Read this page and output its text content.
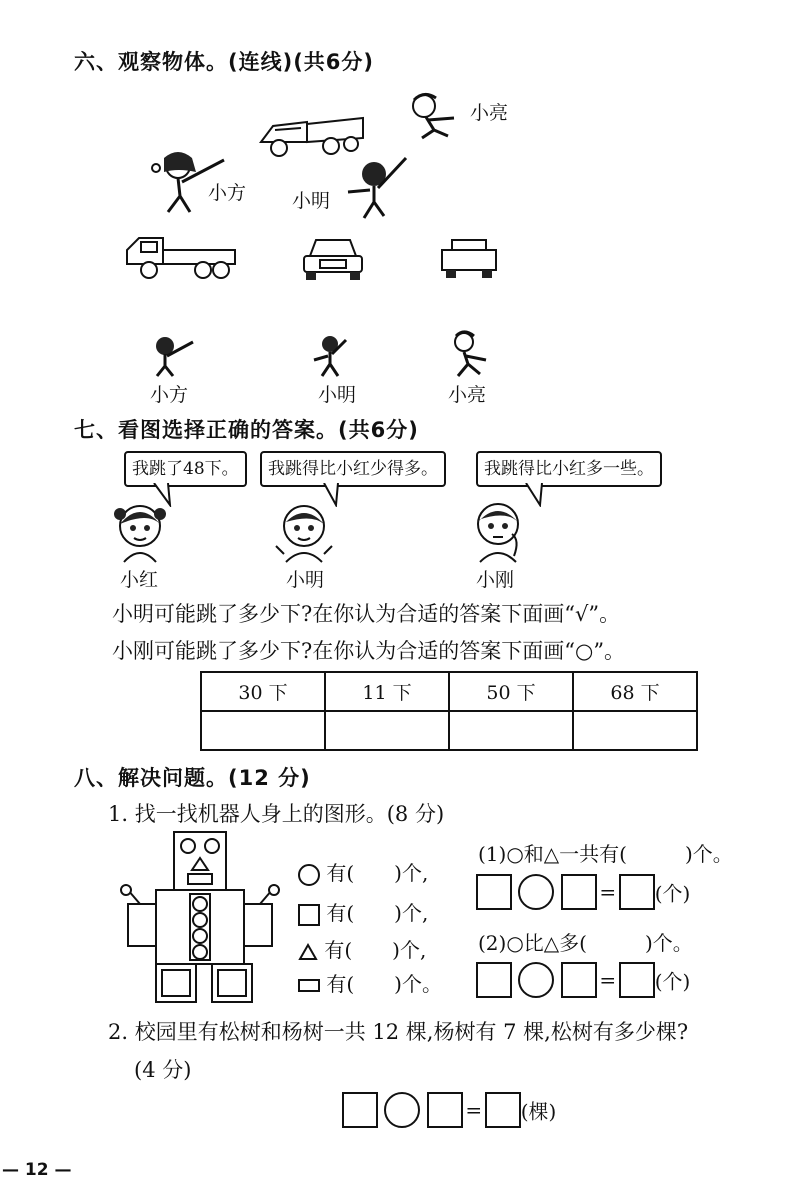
六、观察物体。(连线)(共6分)
小亮
小方 小明
小方	小明	小亮
七、看图选择正确的答案。(共6分)
我跳了48下。	我跳得比小红少得多。	我跳得比小红多一些。
小红	小明	小刚
小明可能跳了多少下?在你认为合适的答案下面画“√”。
小刚可能跳了多少下?在你认为合适的答案下面画“○”。
30 下	11 下	50 下	68 下

八、解决问题。(12 分)
1. 找一找机器人身上的图形。(8 分)
有( )个,
有( )个,
有( )个,
有( )个。
(1)○和△一共有(	)个。
= (个)
(2)○比△多(	)个。
= (个)
2. 校园里有松树和杨树一共 12 棵,杨树有 7 棵,松树有多少棵?
(4 分)
= (棵)
— 12 —
